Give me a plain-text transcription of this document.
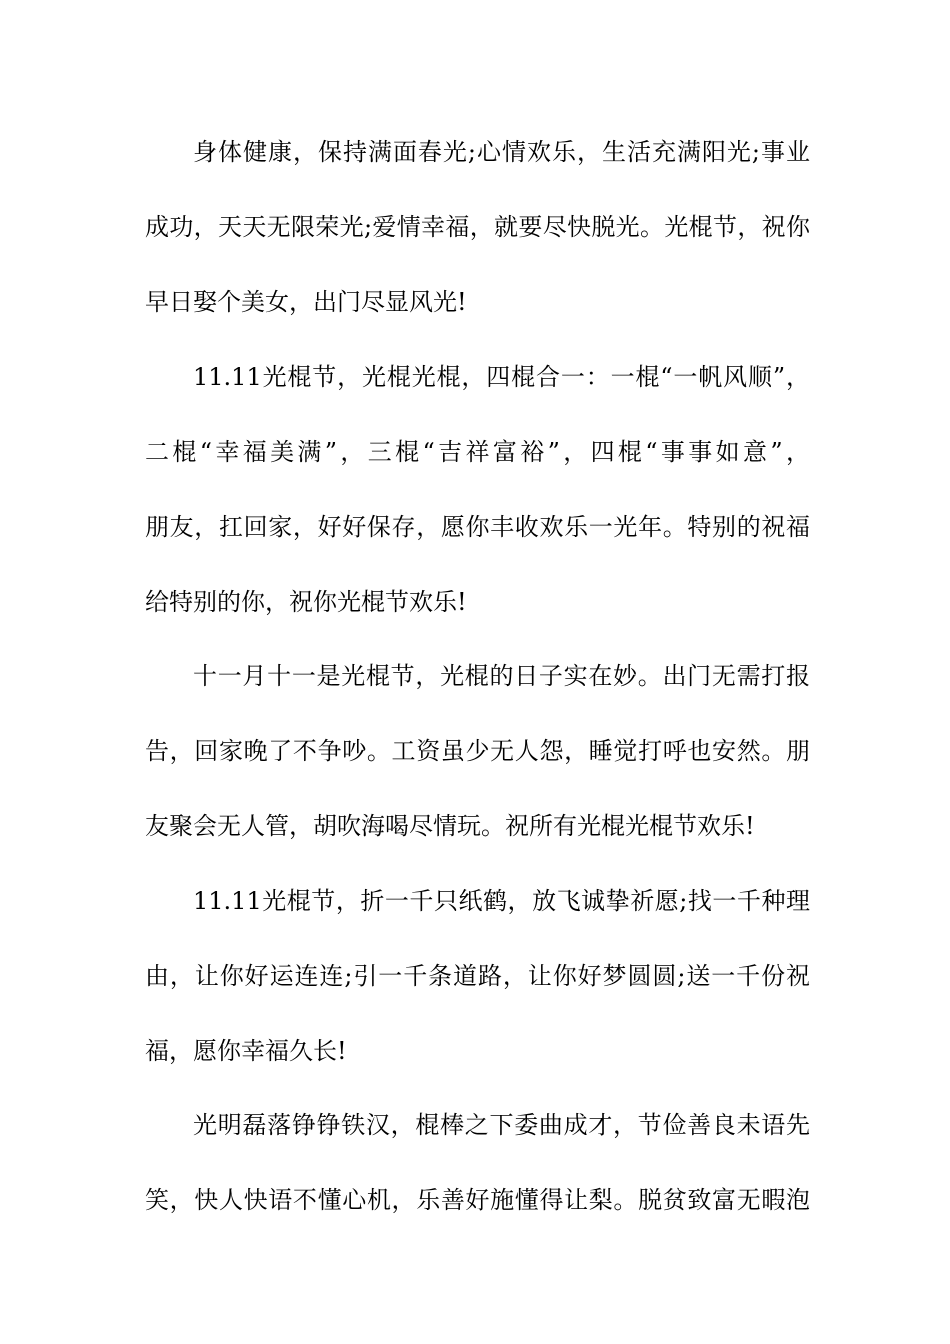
身体健康，保持满面春光;心情欢乐，生活充满阳光;事业
成功，天天无限荣光;爱情幸福，就要尽快脱光。光棍节，祝你
早日娶个美女，出门尽显风光!
11.11光棍节，光棍光棍，四棍合一：一棍“一帆风顺”，
二棍“幸福美满”，三棍“吉祥富裕”，四棍“事事如意”，
朋友，扛回家，好好保存，愿你丰收欢乐一光年。特别的祝福
给特别的你，祝你光棍节欢乐!
十一月十一是光棍节，光棍的日子实在妙。出门无需打报
告，回家晚了不争吵。工资虽少无人怨，睡觉打呼也安然。朋
友聚会无人管，胡吹海喝尽情玩。祝所有光棍光棍节欢乐!
11.11光棍节，折一千只纸鹤，放飞诚挚祈愿;找一千种理
由，让你好运连连;引一千条道路，让你好梦圆圆;送一千份祝
福，愿你幸福久长!
光明磊落铮铮铁汉，棍棒之下委曲成才，节俭善良未语先
笑，快人快语不懂心机，乐善好施懂得让梨。脱贫致富无暇泡
